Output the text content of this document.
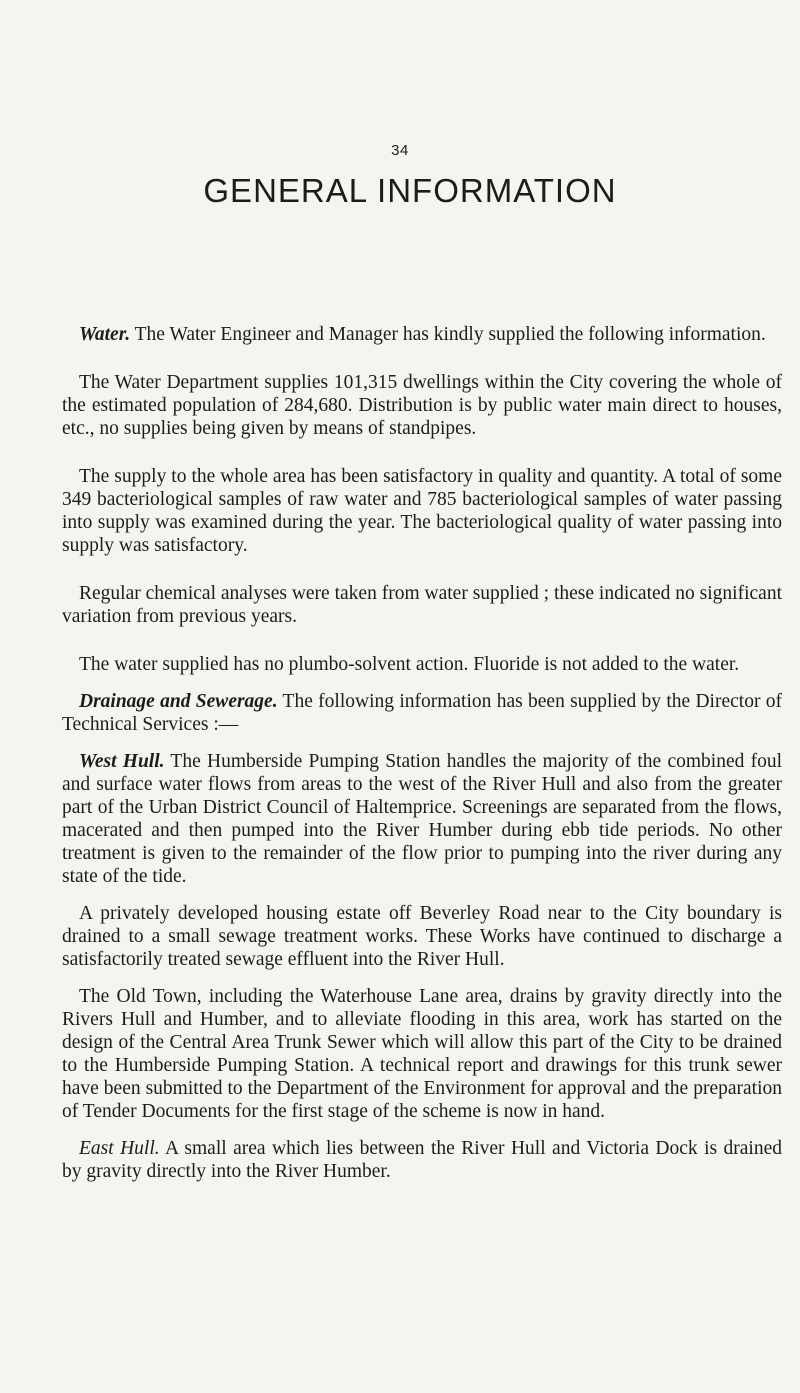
34
GENERAL INFORMATION

Water. The Water Engineer and Manager has kindly supplied the following information.

The Water Department supplies 101,315 dwellings within the City covering the whole of the estimated population of 284,680. Distribution is by public water main direct to houses, etc., no supplies being given by means of standpipes.

The supply to the whole area has been satisfactory in quality and quantity. A total of some 349 bacteriological samples of raw water and 785 bacteriological samples of water passing into supply was examined during the year. The bacteriological quality of water passing into supply was satisfactory.

Regular chemical analyses were taken from water supplied ; these indicated no significant variation from previous years.

The water supplied has no plumbo-solvent action. Fluoride is not added to the water.

Drainage and Sewerage. The following information has been supplied by the Director of Technical Services :—

West Hull. The Humberside Pumping Station handles the majority of the combined foul and surface water flows from areas to the west of the River Hull and also from the greater part of the Urban District Council of Haltemprice. Screenings are separated from the flows, macerated and then pumped into the River Humber during ebb tide periods. No other treatment is given to the remainder of the flow prior to pumping into the river during any state of the tide.

A privately developed housing estate off Beverley Road near to the City boundary is drained to a small sewage treatment works. These Works have continued to discharge a satisfactorily treated sewage effluent into the River Hull.

The Old Town, including the Waterhouse Lane area, drains by gravity directly into the Rivers Hull and Humber, and to alleviate flooding in this area, work has started on the design of the Central Area Trunk Sewer which will allow this part of the City to be drained to the Humberside Pumping Station. A technical report and drawings for this trunk sewer have been submitted to the Department of the Environment for approval and the preparation of Tender Documents for the first stage of the scheme is now in hand.

East Hull. A small area which lies between the River Hull and Victoria Dock is drained by gravity directly into the River Humber.
